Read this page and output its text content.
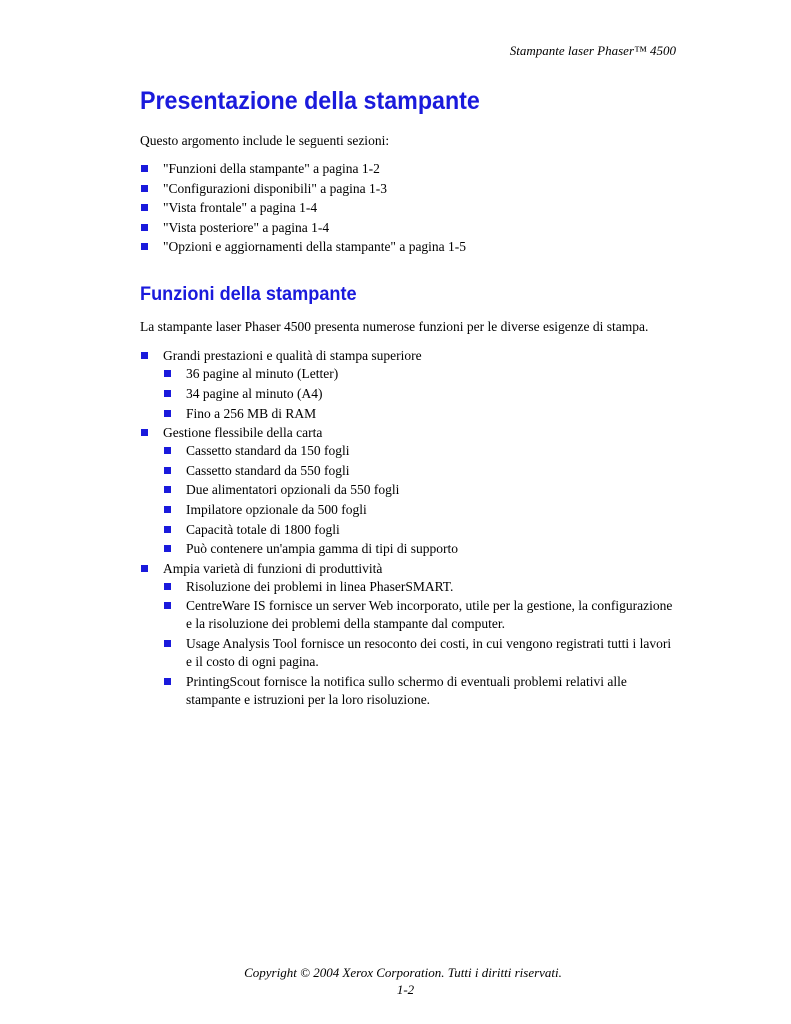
Stampante laser Phaser™ 4500
Presentazione della stampante

Questo argomento include le seguenti sezioni:

"Funzioni della stampante" a pagina 1-2
"Configurazioni disponibili" a pagina 1-3
"Vista frontale" a pagina 1-4
"Vista posteriore" a pagina 1-4
"Opzioni e aggiornamenti della stampante" a pagina 1-5
Funzioni della stampante

La stampante laser Phaser 4500 presenta numerose funzioni per le diverse esigenze di stampa.

Grandi prestazioni e qualità di stampa superiore
36 pagine al minuto (Letter)
34 pagine al minuto (A4)
Fino a 256 MB di RAM
Gestione flessibile della carta
Cassetto standard da 150 fogli
Cassetto standard da 550 fogli
Due alimentatori opzionali da 550 fogli
Impilatore opzionale da 500 fogli
Capacità totale di 1800 fogli
Può contenere un'ampia gamma di tipi di supporto
Ampia varietà di funzioni di produttività
Risoluzione dei problemi in linea PhaserSMART.
CentreWare IS fornisce un server Web incorporato, utile per la gestione, la configurazione e la risoluzione dei problemi della stampante dal computer.
Usage Analysis Tool fornisce un resoconto dei costi, in cui vengono registrati tutti i lavori e il costo di ogni pagina.
PrintingScout fornisce la notifica sullo schermo di eventuali problemi relativi alle stampante e istruzioni per la loro risoluzione.
Copyright © 2004 Xerox Corporation. Tutti i diritti riservati.
1-2
